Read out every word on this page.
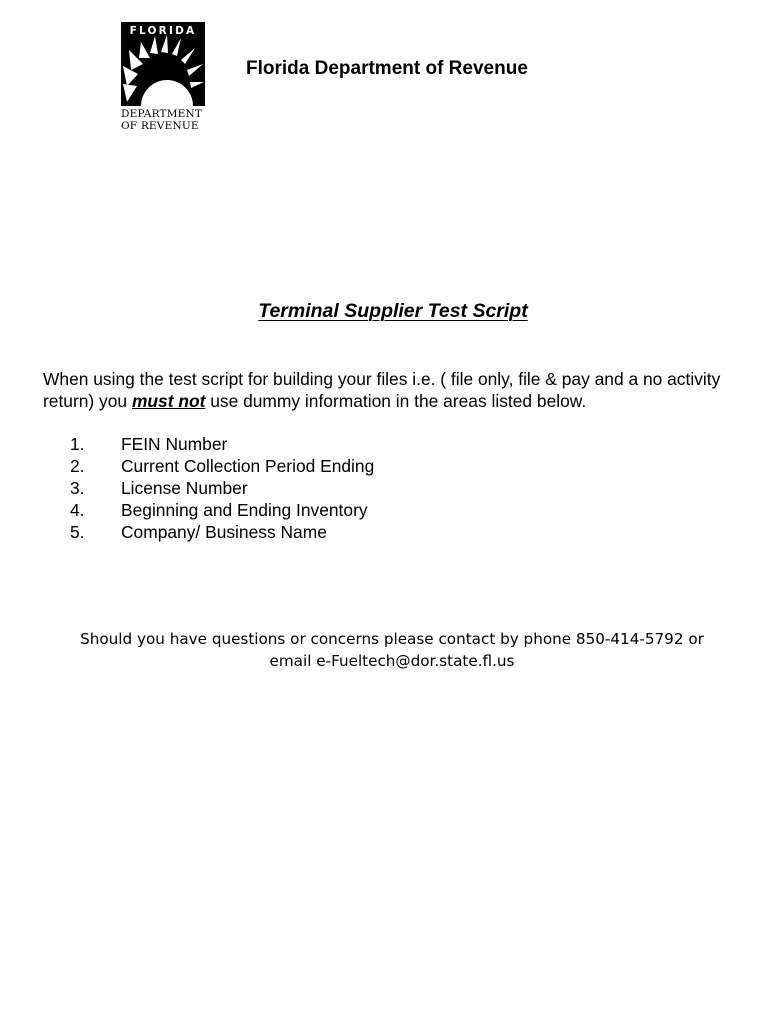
FLORIDA
DEPARTMENT
OF REVENUE
Florida Department of Revenue
Terminal Supplier Test Script
When using the test script for building your files i.e. ( file only, file & pay and a no activity
return) you must not use dummy information in the areas listed below.
1. FEIN Number
2. Current Collection Period Ending
3. License Number
4. Beginning and Ending Inventory
5. Company/ Business Name
Should you have questions or concerns please contact by phone 850-414-5792 or
email e-Fueltech@dor.state.fl.us
